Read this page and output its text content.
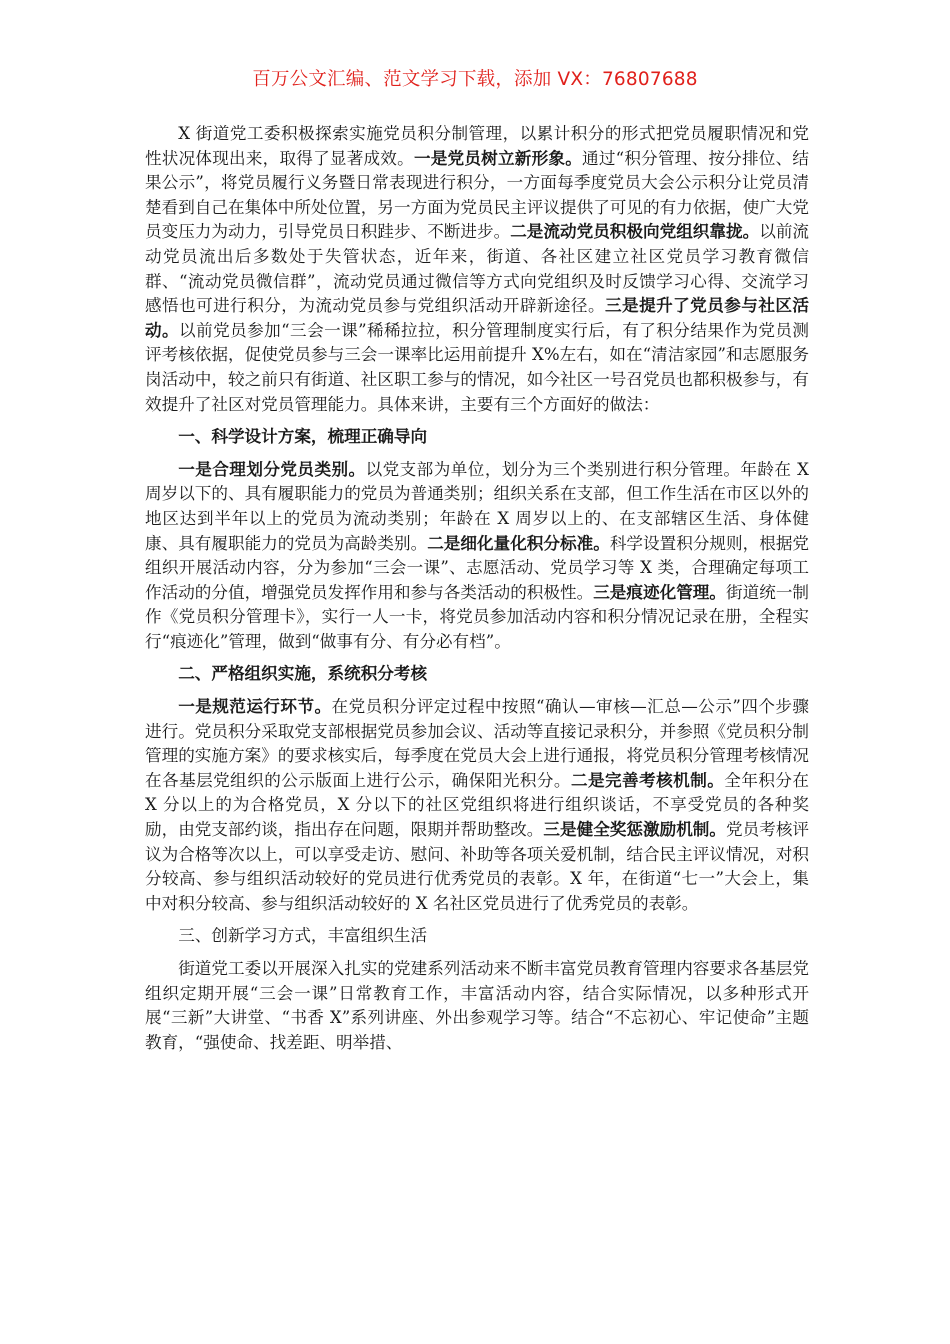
百万公文汇编、范文学习下载，添加 VX：76807688

X 街道党工委积极探索实施党员积分制管理，以累计积分的形式把党员履职情况和党性状况体现出来，取得了显著成效。一是党员树立新形象。通过“积分管理、按分排位、结果公示”，将党员履行义务暨日常表现进行积分，一方面每季度党员大会公示积分让党员清楚看到自己在集体中所处位置，另一方面为党员民主评议提供了可见的有力依据，使广大党员变压力为动力，引导党员日积跬步、不断进步。二是流动党员积极向党组织靠拢。以前流动党员流出后多数处于失管状态，近年来，街道、各社区建立社区党员学习教育微信群、“流动党员微信群”，流动党员通过微信等方式向党组织及时反馈学习心得、交流学习感悟也可进行积分，为流动党员参与党组织活动开辟新途径。三是提升了党员参与社区活动。以前党员参加“三会一课”稀稀拉拉，积分管理制度实行后，有了积分结果作为党员测评考核依据，促使党员参与三会一课率比运用前提升 X%左右，如在“清洁家园”和志愿服务岗活动中，较之前只有街道、社区职工参与的情况，如今社区一号召党员也都积极参与，有效提升了社区对党员管理能力。具体来讲，主要有三个方面好的做法：

一、科学设计方案，梳理正确导向

一是合理划分党员类别。以党支部为单位，划分为三个类别进行积分管理。年龄在 X 周岁以下的、具有履职能力的党员为普通类别；组织关系在支部，但工作生活在市区以外的地区达到半年以上的党员为流动类别；年龄在 X 周岁以上的、在支部辖区生活、身体健康、具有履职能力的党员为高龄类别。二是细化量化积分标准。科学设置积分规则，根据党组织开展活动内容，分为参加“三会一课”、志愿活动、党员学习等 X 类，合理确定每项工作活动的分值，增强党员发挥作用和参与各类活动的积极性。三是痕迹化管理。街道统一制作《党员积分管理卡》，实行一人一卡，将党员参加活动内容和积分情况记录在册，全程实行“痕迹化”管理，做到“做事有分、有分必有档”。

二、严格组织实施，系统积分考核

一是规范运行环节。在党员积分评定过程中按照“确认—审核—汇总—公示”四个步骤进行。党员积分采取党支部根据党员参加会议、活动等直接记录积分，并参照《党员积分制管理的实施方案》的要求核实后，每季度在党员大会上进行通报，将党员积分管理考核情况在各基层党组织的公示版面上进行公示，确保阳光积分。二是完善考核机制。全年积分在 X 分以上的为合格党员，X 分以下的社区党组织将进行组织谈话，不享受党员的各种奖励，由党支部约谈，指出存在问题，限期并帮助整改。三是健全奖惩激励机制。党员考核评议为合格等次以上，可以享受走访、慰问、补助等各项关爱机制，结合民主评议情况，对积分较高、参与组织活动较好的党员进行优秀党员的表彰。X 年，在街道“七一”大会上，集中对积分较高、参与组织活动较好的 X 名社区党员进行了优秀党员的表彰。

三、创新学习方式，丰富组织生活

街道党工委以开展深入扎实的党建系列活动来不断丰富党员教育管理内容要求各基层党组织定期开展“三会一课”日常教育工作，丰富活动内容，结合实际情况，以多种形式开展“三新”大讲堂、“书香 X”系列讲座、外出参观学习等。结合“不忘初心、牢记使命”主题教育，“强使命、找差距、明举措、
